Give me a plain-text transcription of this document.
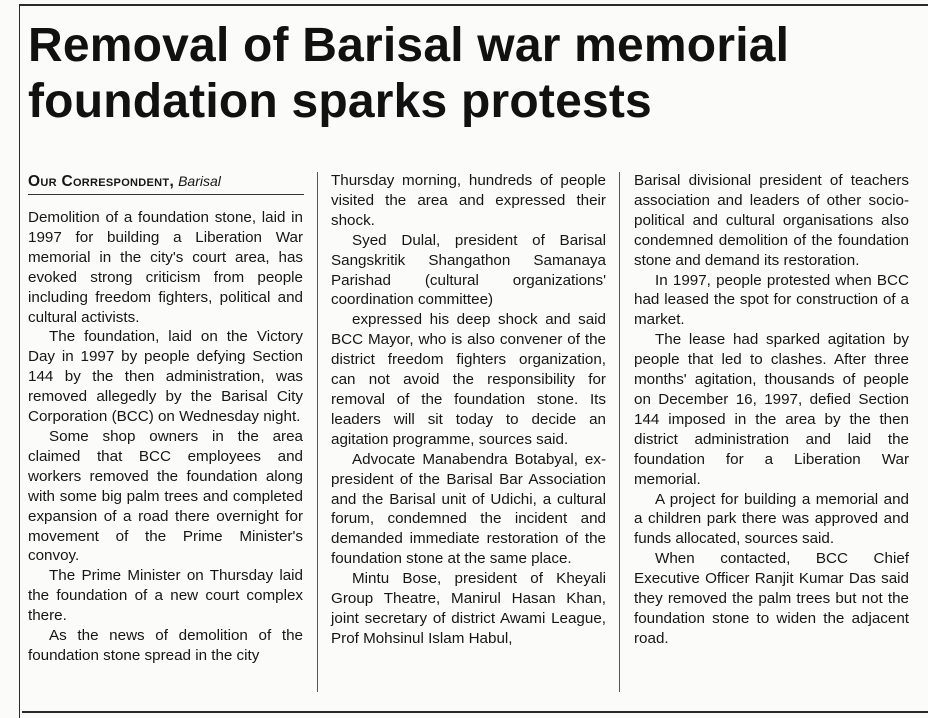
Removal of Barisal war memorial foundation sparks protests
Our Correspondent, Barisal

Demolition of a foundation stone, laid in 1997 for building a Liberation War memorial in the city's court area, has evoked strong criticism from people including freedom fighters, political and cultural activists.

The foundation, laid on the Victory Day in 1997 by people defying Section 144 by the then administration, was removed allegedly by the Barisal City Corporation (BCC) on Wednesday night.

Some shop owners in the area claimed that BCC employees and workers removed the foundation along with some big palm trees and completed expansion of a road there overnight for movement of the Prime Minister's convoy.

The Prime Minister on Thursday laid the foundation of a new court complex there.

As the news of demolition of the foundation stone spread in the city

Thursday morning, hundreds of people visited the area and expressed their shock.

Syed Dulal, president of Barisal Sangskritik Shangathon Samanaya Parishad (cultural organizations' coordination committee)

expressed his deep shock and said BCC Mayor, who is also convener of the district freedom fighters organization, can not avoid the responsibility for removal of the foundation stone. Its leaders will sit today to decide an agitation programme, sources said.

Advocate Manabendra Botabyal, ex-president of the Barisal Bar Association and the Barisal unit of Udichi, a cultural forum, condemned the incident and demanded immediate restoration of the foundation stone at the same place.

Mintu Bose, president of Kheyali Group Theatre, Manirul Hasan Khan, joint secretary of district Awami League, Prof Mohsinul Islam Habul,

Barisal divisional president of teachers association and leaders of other socio-political and cultural organisations also condemned demolition of the foundation stone and demand its restoration.

In 1997, people protested when BCC had leased the spot for construction of a market.

The lease had sparked agitation by people that led to clashes. After three months' agitation, thousands of people on December 16, 1997, defied Section 144 imposed in the area by the then district administration and laid the foundation for a Liberation War memorial.

A project for building a memorial and a children park there was approved and funds allocated, sources said.

When contacted, BCC Chief Executive Officer Ranjit Kumar Das said they removed the palm trees but not the foundation stone to widen the adjacent road.
